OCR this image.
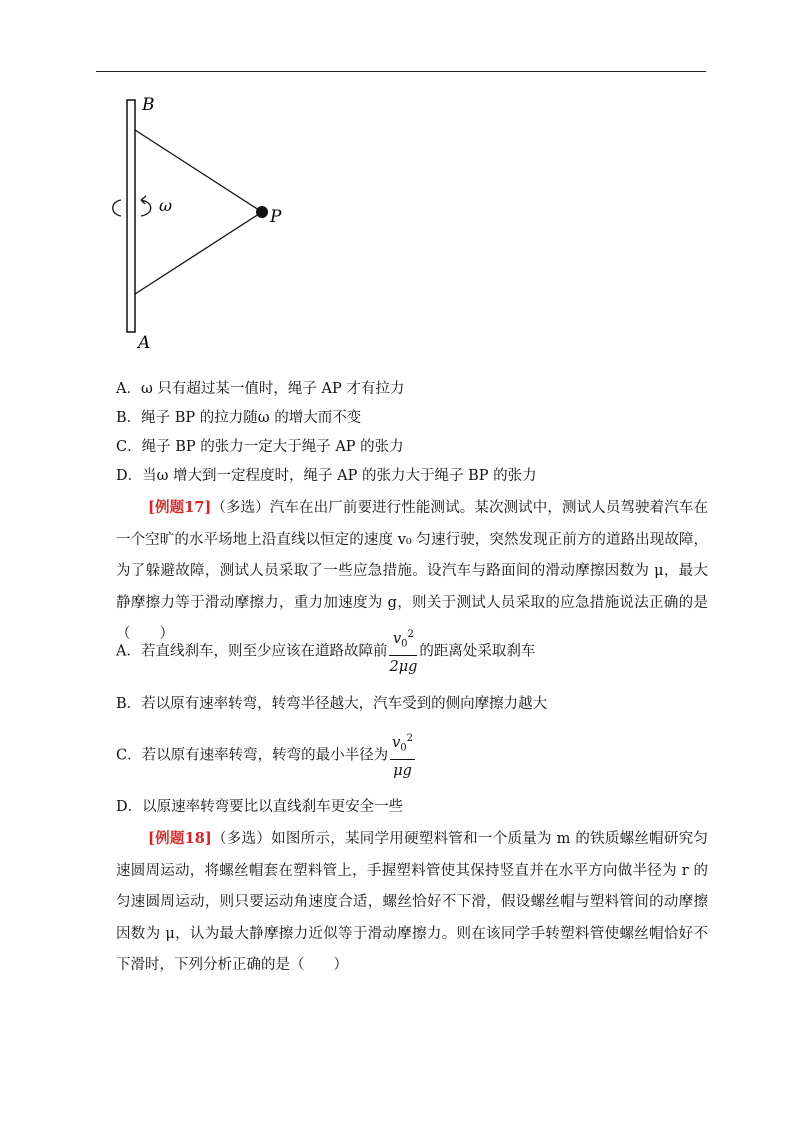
B
A
P
ω
A．ω 只有超过某一值时，绳子 AP 才有拉力
B．绳子 BP 的拉力随ω 的增大而不变
C．绳子 BP 的张力一定大于绳子 AP 的张力
D．当ω 增大到一定程度时，绳子 AP 的张力大于绳子 BP 的张力
[例题17]（多选）汽车在出厂前要进行性能测试。某次测试中，测试人员驾驶着汽车在一个空旷的水平场地上沿直线以恒定的速度 v₀ 匀速行驶，突然发现正前方的道路出现故障，为了躲避故障，测试人员采取了一些应急措施。设汽车与路面间的滑动摩擦因数为 μ，最大静摩擦力等于滑动摩擦力，重力加速度为 g，则关于测试人员采取的应急措施说法正确的是（　　）
A．若直线刹车，则至少应该在道路故障前 $\frac{v_0^2}{2\mu g}$ 的距离处采取刹车
B．若以原有速率转弯，转弯半径越大，汽车受到的侧向摩擦力越大
C．若以原有速率转弯，转弯的最小半径为 $\frac{v_0^2}{\mu g}$
D．以原速率转弯要比以直线刹车更安全一些
[例题18]（多选）如图所示，某同学用硬塑料管和一个质量为 m 的铁质螺丝帽研究匀速圆周运动，将螺丝帽套在塑料管上，手握塑料管使其保持竖直并在水平方向做半径为 r 的匀速圆周运动，则只要运动角速度合适，螺丝恰好不下滑，假设螺丝帽与塑料管间的动摩擦因数为 μ，认为最大静摩擦力近似等于滑动摩擦力。则在该同学手转塑料管使螺丝帽恰好不下滑时，下列分析正确的是（　　）
